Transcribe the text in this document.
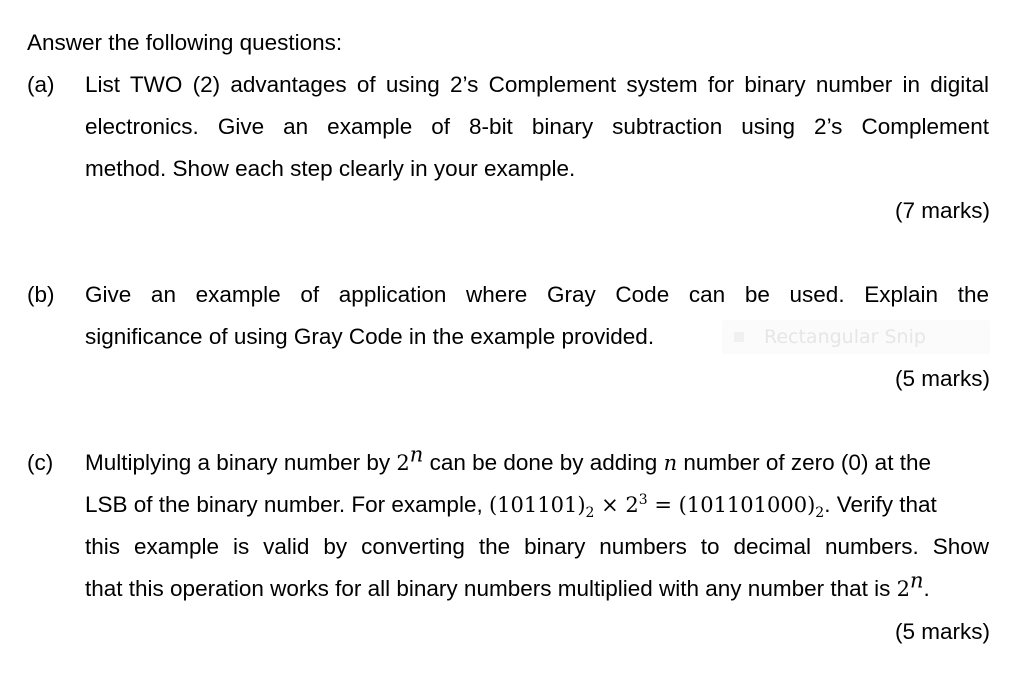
Answer the following questions:
(a) List TWO (2) advantages of using 2’s Complement system for binary number in digital
electronics. Give an example of 8-bit binary subtraction using 2’s Complement
method. Show each step clearly in your example.
(7 marks)
(b) Give an example of application where Gray Code can be used. Explain the
significance of using Gray Code in the example provided.
(5 marks)
Rectangular Snip
(c) Multiplying a binary number by 2$^n$ can be done by adding n number of zero (0) at the
LSB of the binary number. For example, $(101101)_2 \times 2^3 = (101101000)_2$. Verify that
this example is valid by converting the binary numbers to decimal numbers. Show
that this operation works for all binary numbers multiplied with any number that is 2$^n$.
(5 marks)
